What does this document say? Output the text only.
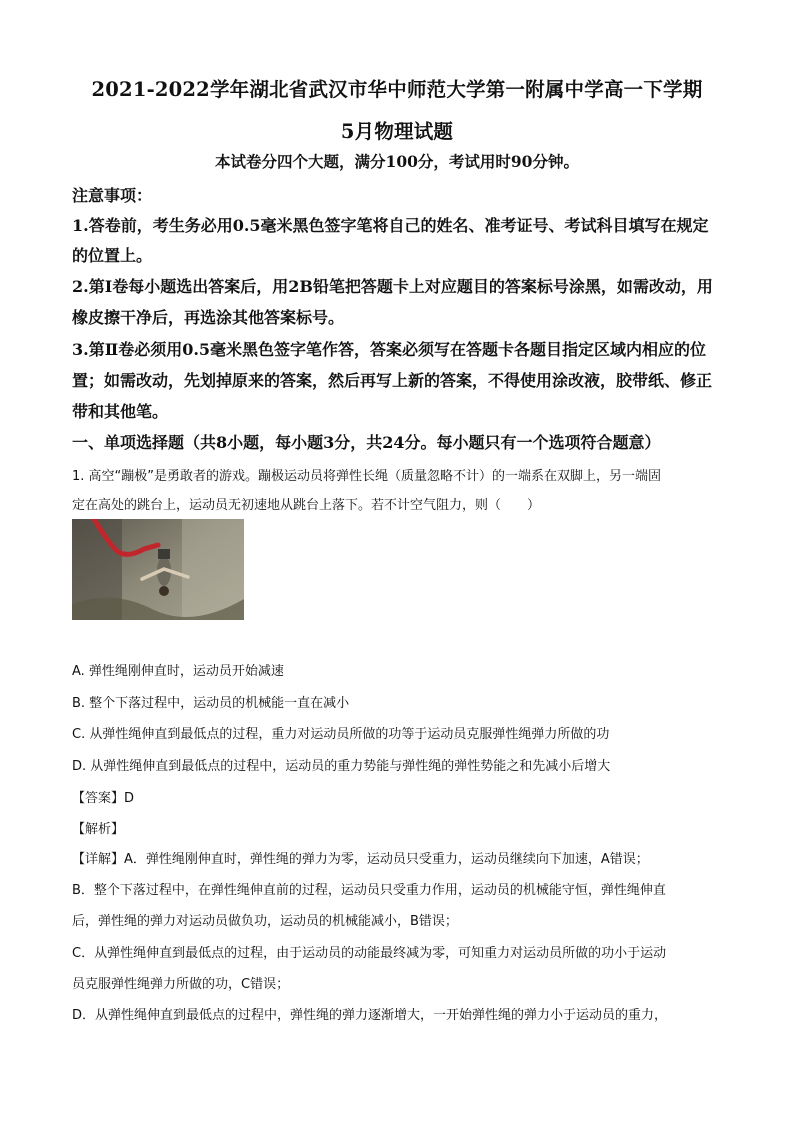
2021-2022学年湖北省武汉市华中师范大学第一附属中学高一下学期
5月物理试题
本试卷分四个大题，满分100分，考试用时90分钟。
注意事项：
1.答卷前，考生务必用0.5毫米黑色签字笔将自己的姓名、准考证号、考试科目填写在规定
的位置上。
2.第Ⅰ卷每小题选出答案后，用2B铅笔把答题卡上对应题目的答案标号涂黑，如需改动，用
橡皮擦干净后，再选涂其他答案标号。
3.第Ⅱ卷必须用0.5毫米黑色签字笔作答，答案必须写在答题卡各题目指定区域内相应的位
置；如需改动，先划掉原来的答案，然后再写上新的答案，不得使用涂改液，胶带纸、修正
带和其他笔。
一、单项选择题（共8小题，每小题3分，共24分。每小题只有一个选项符合题意）
1. 高空“蹦极”是勇敢者的游戏。蹦极运动员将弹性长绳（质量忽略不计）的一端系在双脚上，另一端固
定在高处的跳台上，运动员无初速地从跳台上落下。若不计空气阻力，则（　　）
A. 弹性绳刚伸直时，运动员开始减速
B. 整个下落过程中，运动员的机械能一直在减小
C. 从弹性绳伸直到最低点的过程，重力对运动员所做的功等于运动员克服弹性绳弹力所做的功
D. 从弹性绳伸直到最低点的过程中，运动员的重力势能与弹性绳的弹性势能之和先减小后增大
【答案】D
【解析】
【详解】A．弹性绳刚伸直时，弹性绳的弹力为零，运动员只受重力，运动员继续向下加速，A错误；
B．整个下落过程中，在弹性绳伸直前的过程，运动员只受重力作用，运动员的机械能守恒，弹性绳伸直
后，弹性绳的弹力对运动员做负功，运动员的机械能减小，B错误；
C．从弹性绳伸直到最低点的过程，由于运动员的动能最终减为零，可知重力对运动员所做的功小于运动
员克服弹性绳弹力所做的功，C错误；
D．从弹性绳伸直到最低点的过程中，弹性绳的弹力逐渐增大，一开始弹性绳的弹力小于运动员的重力，
